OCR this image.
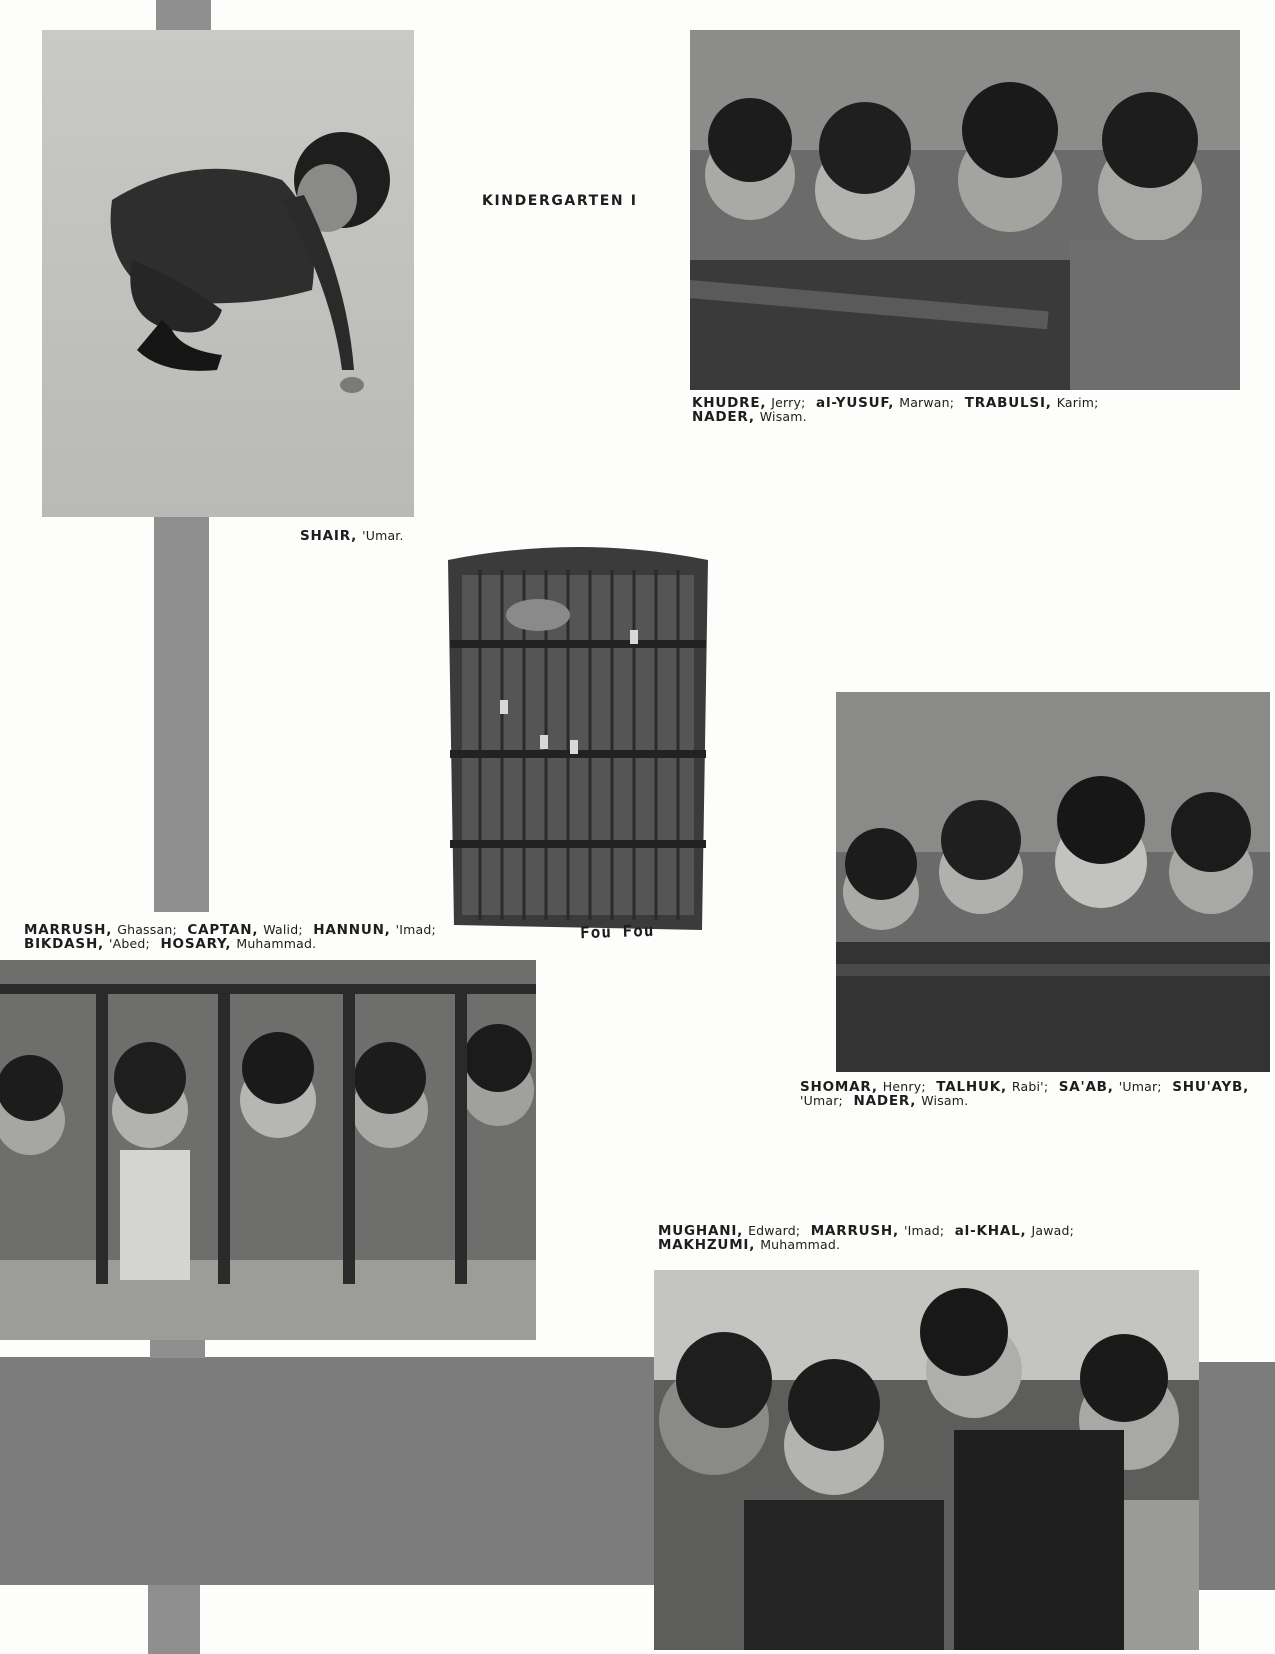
SHAIR, 'Umar.
KINDERGARTEN I
KHUDRE, Jerry; al-YUSUF, Marwan; TRABULSI, Karim;
NADER, Wisam.
Fou Fou
SHOMAR, Henry; TALHUK, Rabi'; SA'AB, 'Umar; SHU'AYB,
'Umar; NADER, Wisam.
MARRUSH, Ghassan; CAPTAN, Walid; HANNUN, 'Imad;
BIKDASH, 'Abed; HOSARY, Muhammad.
MUGHANI, Edward; MARRUSH, 'Imad; al-KHAL, Jawad;
MAKHZUMI, Muhammad.
